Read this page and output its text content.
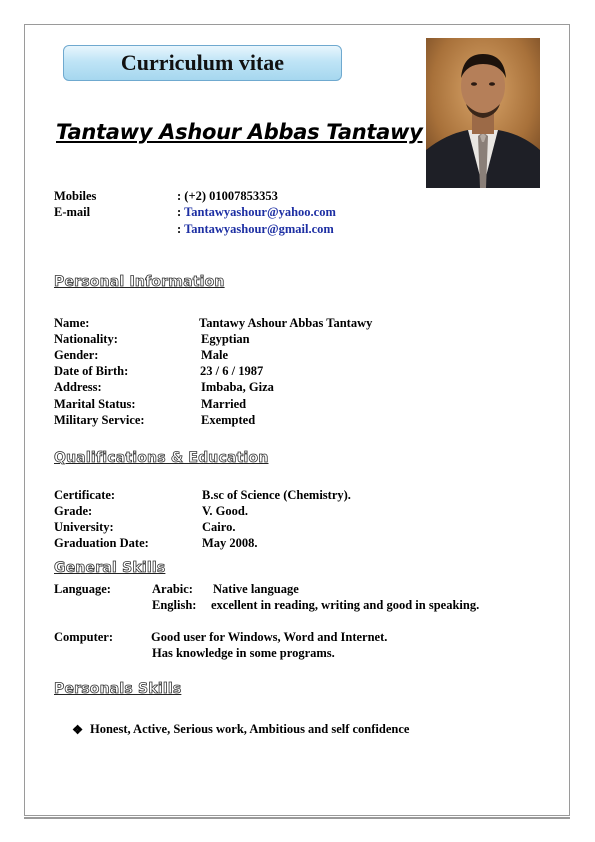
Curriculum vitae
Tantawy Ashour Abbas Tantawy
Mobiles	: (+2) 01007853353
E-mail	: Tantawyashour@yahoo.com
: Tantawyashour@gmail.com
Personal Information
Name:	Tantawy Ashour Abbas Tantawy
Nationality:	Egyptian
Gender:	Male
Date of Birth:	23 / 6 / 1987
Address:	Imbaba, Giza
Marital Status:	Married
Military Service:	Exempted
Qualifications & Education
Certificate:	B.sc of Science (Chemistry).
Grade:	V. Good.
University:	Cairo.
Graduation Date:	May 2008.
General Skills
Language:	Arabic: Native language
English: excellent in reading, writing and good in speaking.
Computer:	Good user for Windows, Word and Internet.
Has knowledge in some programs.
Personals Skills
❖ Honest, Active, Serious work, Ambitious and self confidence
